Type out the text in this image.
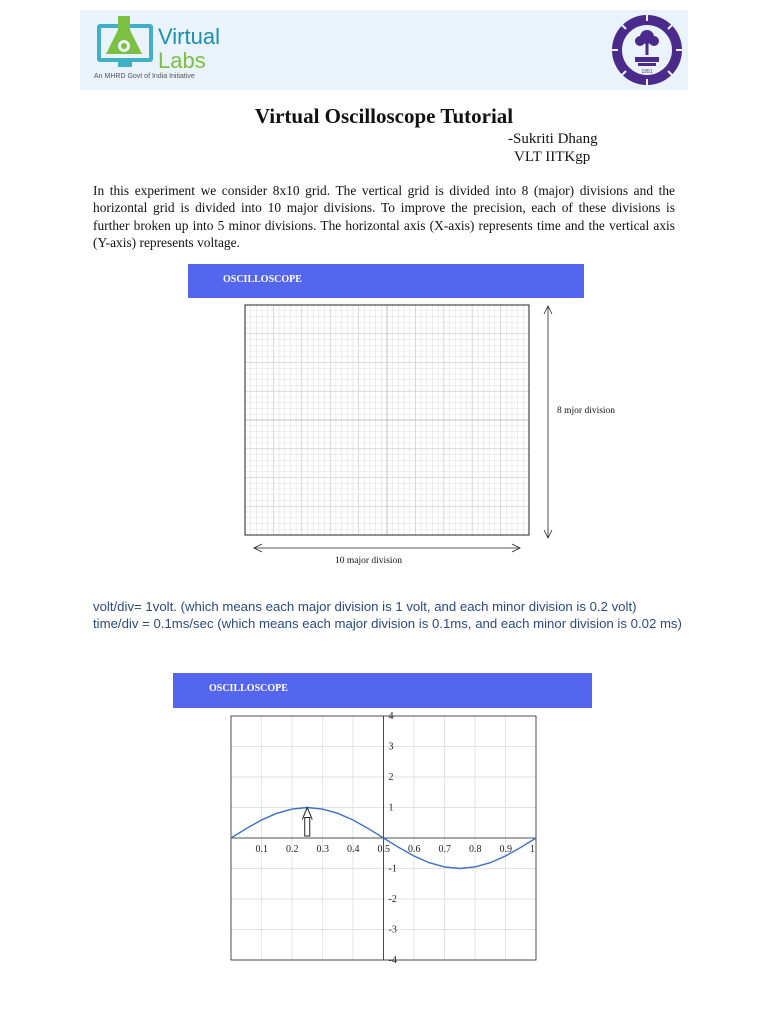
Virtual
Labs
An MHRD Govt of India Initiative
1951
Virtual Oscilloscope Tutorial
-Sukriti Dhang
VLT IITKgp
In this experiment we consider 8x10 grid. The vertical grid is divided into 8 (major) divisions and the horizontal grid is divided into 10 major divisions. To improve the precision, each of these divisions is further broken up into 5 minor divisions. The horizontal axis (X-axis) represents time and the vertical axis (Y-axis) represents voltage.
OSCILLOSCOPE
8 mjor division
10 major division
volt/div= 1volt. (which means each major division is 1 volt, and each minor division is 0.2 volt)
time/div = 0.1ms/sec (which means each major division is 0.1ms, and each minor division is 0.02 ms)
OSCILLOSCOPE
0.1 0.2 0.3 0.4 0.5 0.6 0.7 0.8 0.9 1
4
3
2
1
-1
-2
-3
-4
